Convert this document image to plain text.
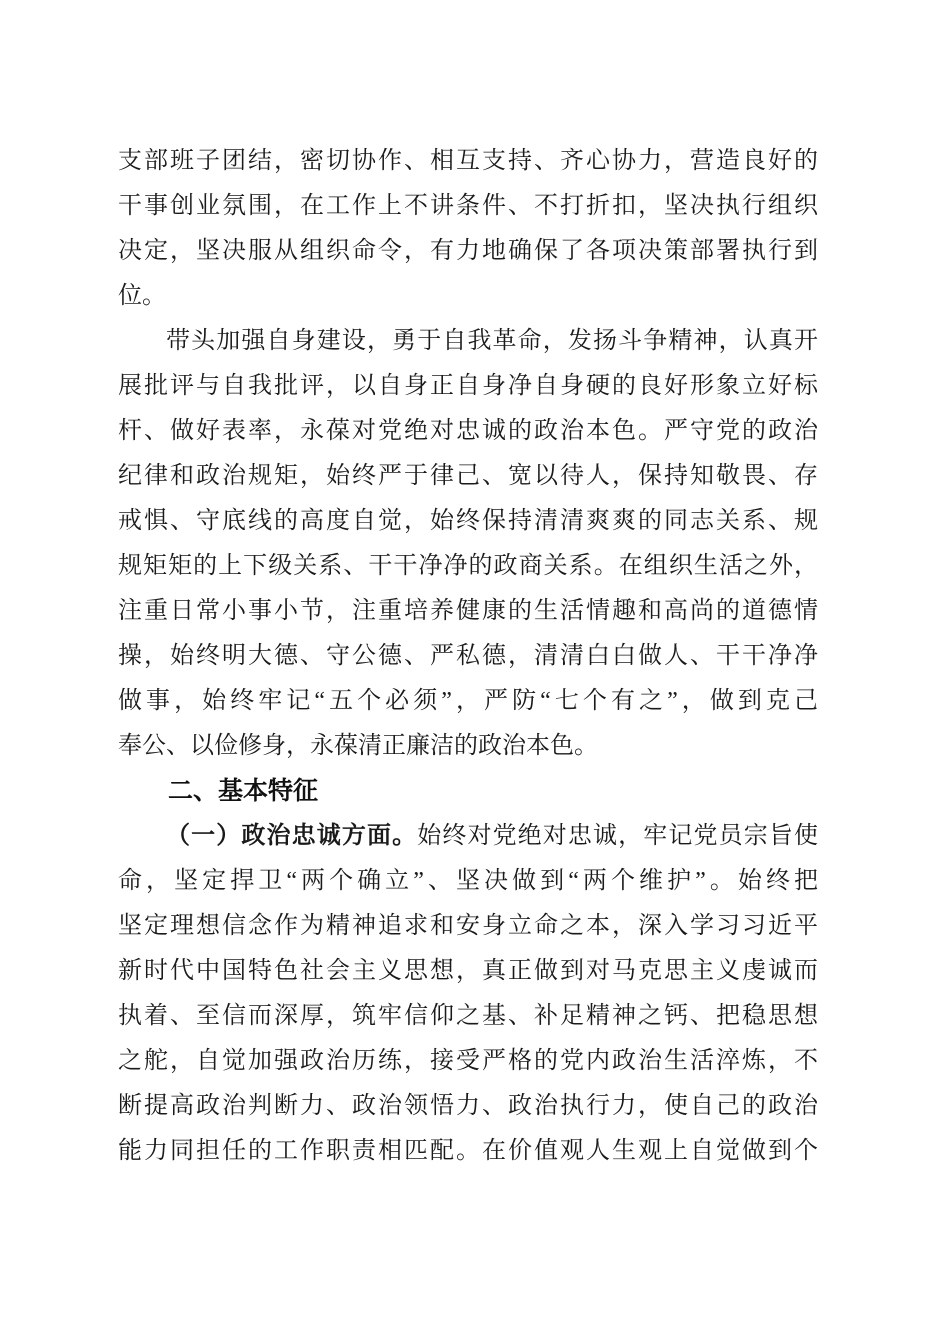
支部班子团结，密切协作、相互支持、齐心协力，营造良好的
干事创业氛围，在工作上不讲条件、不打折扣，坚决执行组织
决定，坚决服从组织命令，有力地确保了各项决策部署执行到
位。
带头加强自身建设，勇于自我革命，发扬斗争精神，认真开
展批评与自我批评，以自身正自身净自身硬的良好形象立好标
杆、做好表率，永葆对党绝对忠诚的政治本色。严守党的政治
纪律和政治规矩，始终严于律己、宽以待人，保持知敬畏、存
戒惧、守底线的高度自觉，始终保持清清爽爽的同志关系、规
规矩矩的上下级关系、干干净净的政商关系。在组织生活之外，
注重日常小事小节，注重培养健康的生活情趣和高尚的道德情
操，始终明大德、守公德、严私德，清清白白做人、干干净净
做事，始终牢记“五个必须”，严防“七个有之”，做到克己
奉公、以俭修身，永葆清正廉洁的政治本色。
二、基本特征
（一）政治忠诚方面。始终对党绝对忠诚，牢记党员宗旨使
命，坚定捍卫“两个确立”、坚决做到“两个维护”。始终把
坚定理想信念作为精神追求和安身立命之本，深入学习习近平
新时代中国特色社会主义思想，真正做到对马克思主义虔诚而
执着、至信而深厚，筑牢信仰之基、补足精神之钙、把稳思想
之舵，自觉加强政治历练，接受严格的党内政治生活淬炼，不
断提高政治判断力、政治领悟力、政治执行力，使自己的政治
能力同担任的工作职责相匹配。在价值观人生观上自觉做到个
